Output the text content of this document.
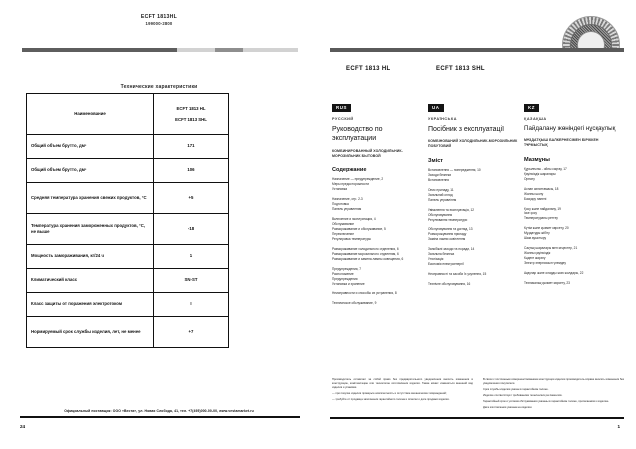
ECFT 1813HL
199000-2800
Технические характеристики
Наименование	ECFT 1813 HL
ECFT 1813 SHL

Общий объем брутто, дм³	171
Общий объем брутто, дм³	106
Средняя температура хранения свежих продуктов, °С	+5
Температура хранения замороженных продуктов, °С, не выше	-18
Мощность замораживания, кг/24 ч	1
Климатический класс	SN-ST
Класс защиты от поражения электротоком	I
Нормируемый срок службы изделия, лет, не менее	+7
Официальный поставщик: ООО «Веста», ул. Новая Слобода, 41, тел. +7(495)000-00-00, www.vestamarket.ru
24
ECFT 1813 HL	ECFT 1813 SHL
RUS
РУССКИЙ
Руководство по эксплуатации
КОМБИНИРОВАННЫЙ ХОЛОДИЛЬНИК-МОРОЗИЛЬНИК БЫТОВОЙ
Содержание
Назначение — предупреждение, 2
Меры предосторожности
Установка
Назначение, стр. 2-3
Подготовка
Панель управления
Включение и эксплуатация, 4
Обслуживание
Размораживание и обслуживание, 5
Переключение
Регулировка температуры
Размораживание холодильного отделения, 6
Размораживание морозильного отделения, 6
Размораживание и замена лампы освещения, 6
Предупреждения, 7
Расположение
Предупреждения
Установка и хранение
Неисправности и способы их устранения, 8
Техническое обслуживание, 9
UA
УКРАЇНСЬКА
Посібник з експлуатації
КОМБІНОВАНИЙ ХОЛОДИЛЬНИК-МОРОЗИЛЬНИК ПОБУТОВИЙ
Зміст
Встановлення — попередження, 10
Заходи безпеки
Встановлення
Опис приладу, 11
Загальний огляд
Панель управління
Увімкнення та експлуатація, 12
Обслуговування
Регулювання температури
Обслуговування та догляд, 13
Розморожування приладу
Заміна лампи освітлення
Запобіжні заходи та поради, 14
Загальна безпека
Утилізація
Економія електроенергії
Несправності та засоби їх усунення, 15
Технічне обслуговування, 16
KZ
ҚАЗАҚША
Пайдалану жөніндегі нұсқаулық
МҰЗДАТҚЫШ БАЛКЕРНЕСІМЕН БІРІККЕН ТҰРМЫСТЫҚ
Мазмұны
Құрылғыны - ойлы сақтау, 17
Қауіпсіздік шаралары
Орнату
Аспап сипаттамасы, 18
Жалпы шолу
Басқару панелі
Қосу және пайдалану, 19
Іске қосу
Температураны реттеу
Күтім және қызмет көрсету, 20
Мұздатуды жібіту
Шам ауыстыру
Сақтық шаралары мен кеңестер, 21
Жалпы қауіпсіздік
Кәдеге жарату
Электр энергиясын үнемдеу
Ақаулар және оларды жою жолдары, 22
Техникалық қызмет көрсету, 23

Производитель оставляет за собой право без предварительного уведомления вносить изменения в конструкцию, комплектацию или технологию изготовления изделия. Также может изменяться внешний вид изделия и упаковки.

— при покупке изделия проверьте комплектность и отсутствие механических повреждений;

— требуйте от продавца заполнения гарантийного талона и отметки о дате продажи изделия.

В связи с постоянным совершенствованием конструкции изделия производитель вправе вносить изменения без уведомления покупателя.

Срок службы изделия указан в гарантийном талоне.

Изделие соответствует требованиям технических регламентов.

Гарантийный срок и условия обслуживания указаны в гарантийном талоне, прилагаемом к изделию.

Дата изготовления указана на изделии.

1
